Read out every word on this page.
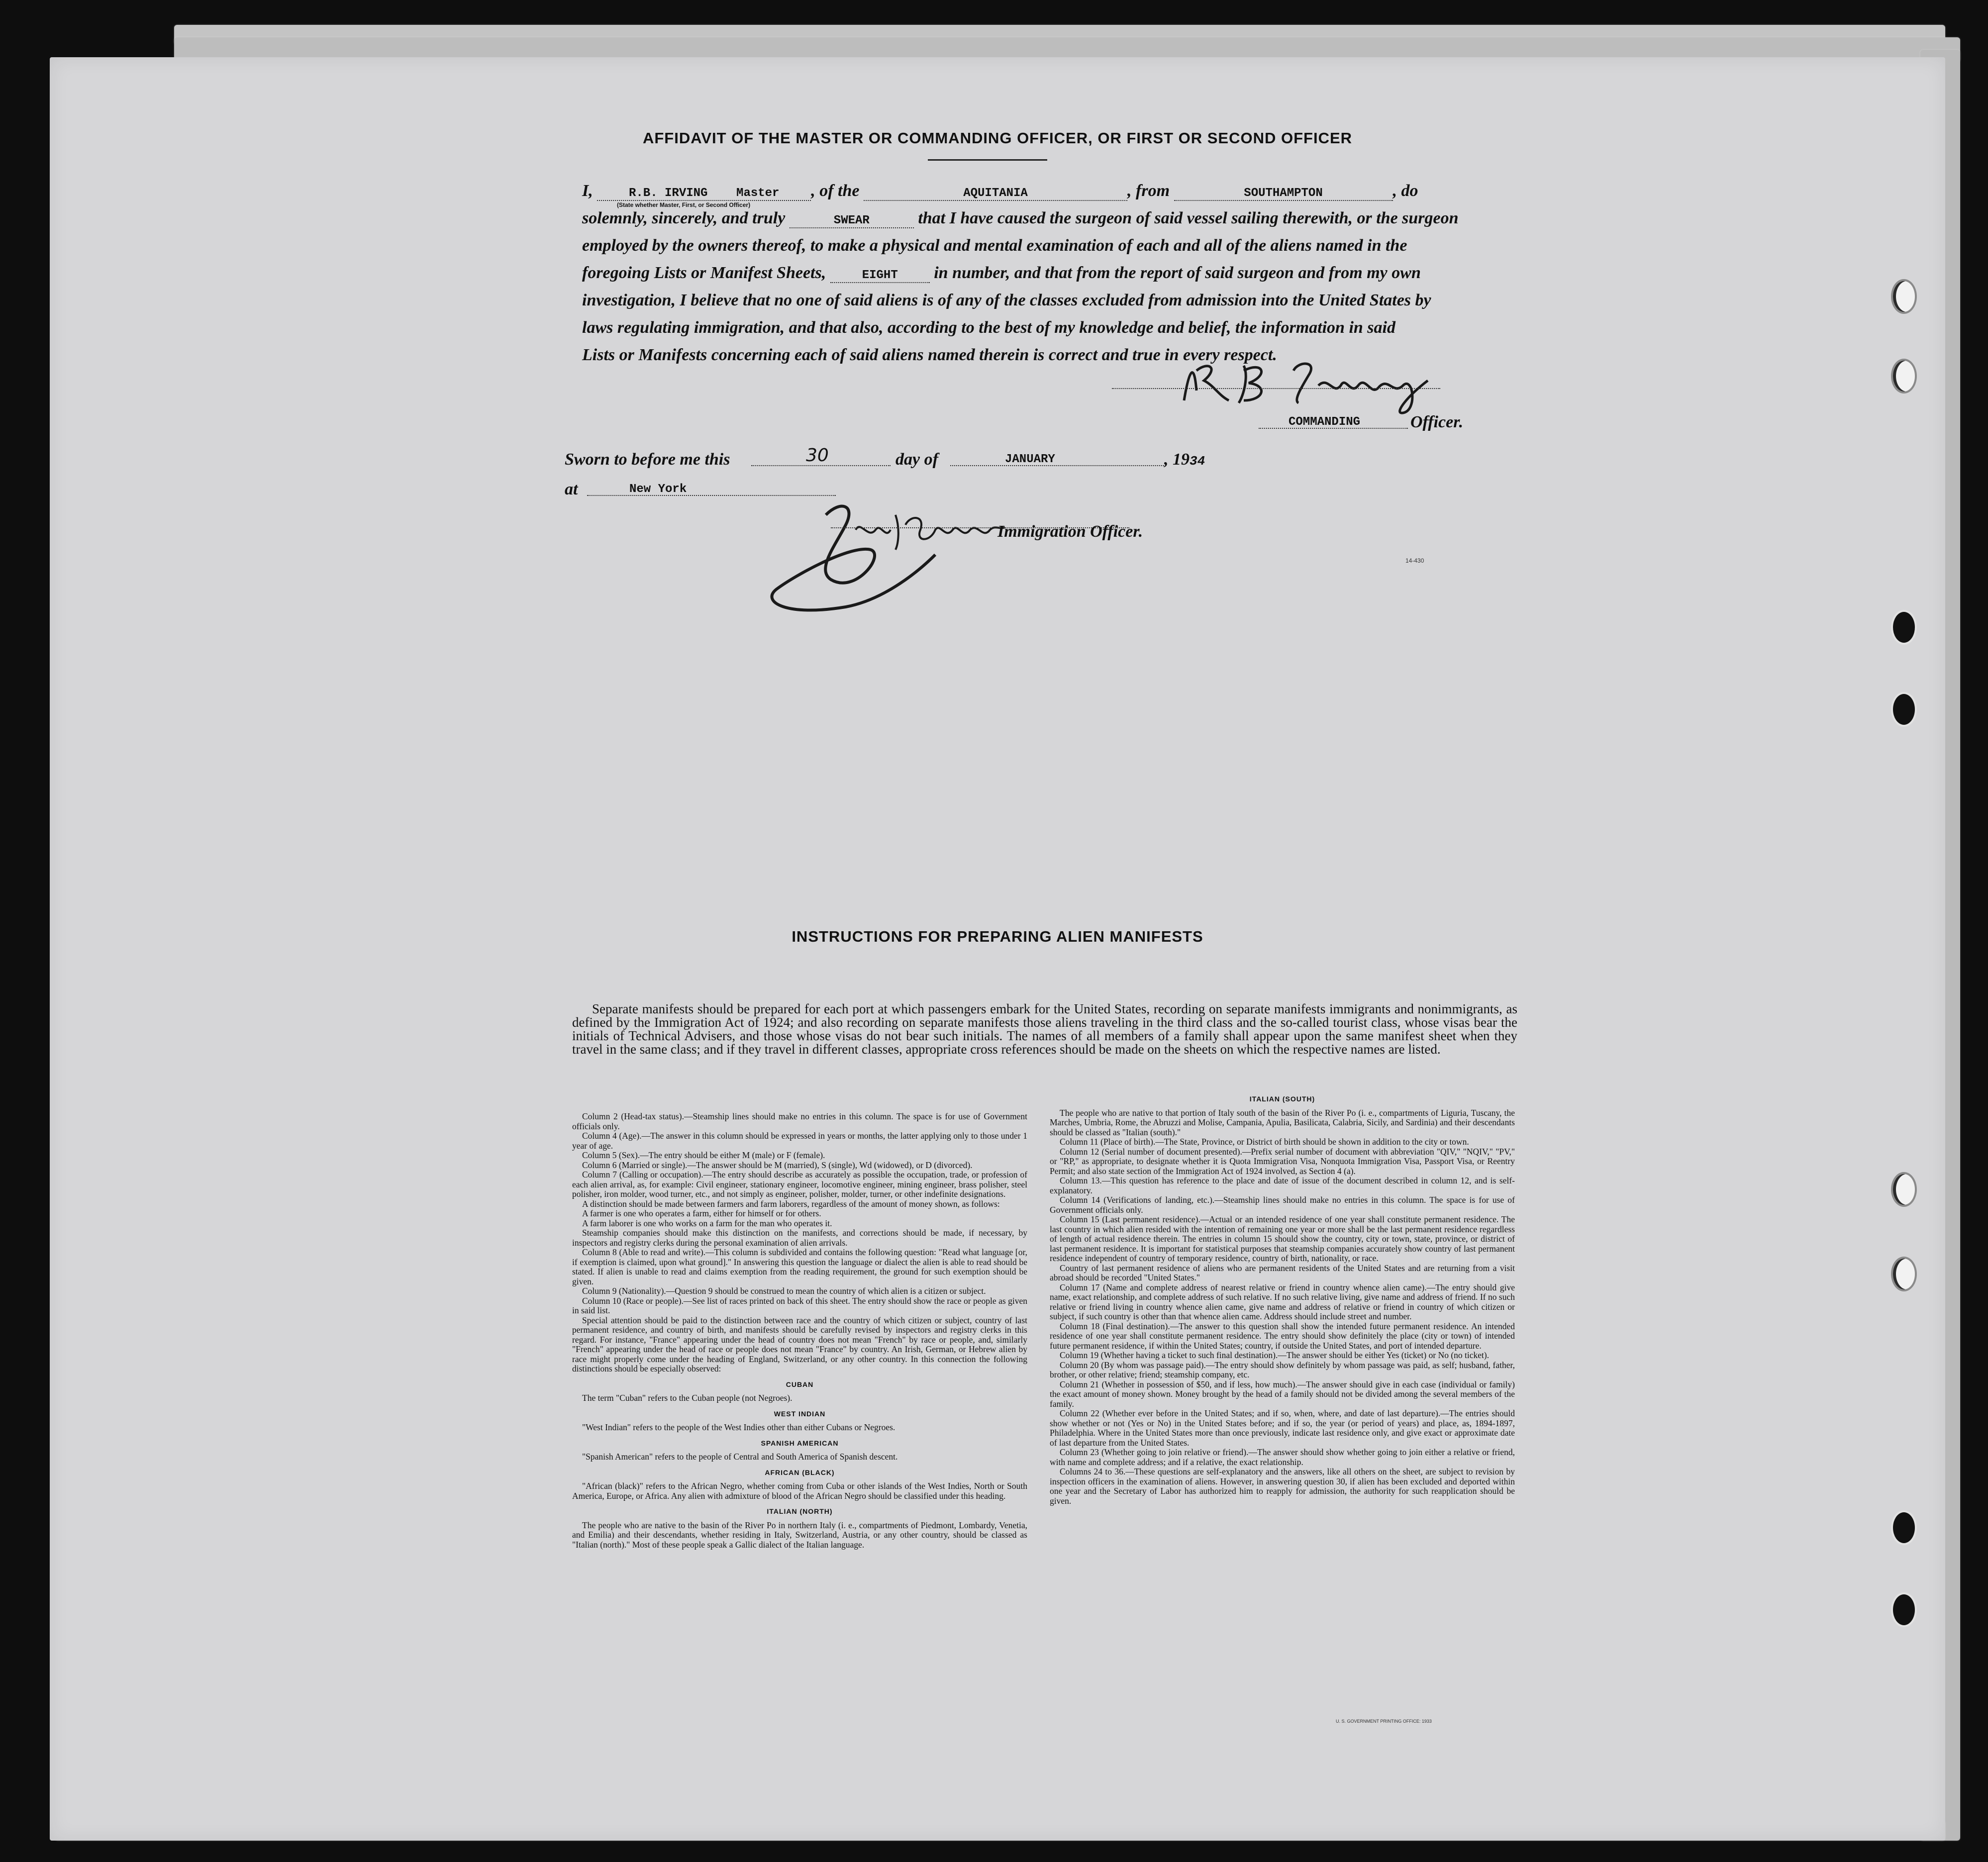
AFFIDAVIT OF THE MASTER OR COMMANDING OFFICER, OR FIRST OR SECOND OFFICER
I,	R.B. IRVING Master , of the	AQUITANIA	, from	SOUTHAMPTON	, do
(State whether Master, First, or Second Officer)
solemnly, sincerely, and truly	SWEAR	that I have caused the surgeon of said vessel sailing therewith, or the surgeon
employed by the owners thereof, to make a physical and mental examination of each and all of the aliens named in the
foregoing Lists or Manifest Sheets,	EIGHT in number, and that from the report of said surgeon and from my own
investigation, I believe that no one of said aliens is of any of the classes excluded from admission into the United States by
laws regulating immigration, and that also, according to the best of my knowledge and belief, the information in said
Lists or Manifests concerning each of said aliens named therein is correct and true in every respect.
COMMANDING	Officer.
Sworn to before me this	30	day of	JANUARY	, 1934
at	New York
Immigration Officer.
14-430
INSTRUCTIONS FOR PREPARING ALIEN MANIFESTS

Separate manifests should be prepared for each port at which passengers embark for the United States, recording on separate manifests immigrants and nonimmigrants, as defined by the Immigration Act of 1924; and also recording on separate manifests those aliens traveling in the third class and the so-called tourist class, whose visas bear the initials of Technical Advisers, and those whose visas do not bear such initials. The names of all members of a family shall appear upon the same manifest sheet when they travel in the same class; and if they travel in different classes, appropriate cross references should be made on the sheets on which the respective names are listed.

Column 2 (Head-tax status).—Steamship lines should make no entries in this column. The space is for use of Government officials only.

Column 4 (Age).—The answer in this column should be expressed in years or months, the latter applying only to those under 1 year of age.

Column 5 (Sex).—The entry should be either M (male) or F (female).

Column 6 (Married or single).—The answer should be M (married), S (single), Wd (widowed), or D (divorced).

Column 7 (Calling or occupation).—The entry should describe as accurately as possible the occupation, trade, or profession of each alien arrival, as, for example: Civil engineer, stationary engineer, locomotive engineer, mining engineer, brass polisher, steel polisher, iron molder, wood turner, etc., and not simply as engineer, polisher, molder, turner, or other indefinite designations.

A distinction should be made between farmers and farm laborers, regardless of the amount of money shown, as follows:

A farmer is one who operates a farm, either for himself or for others.

A farm laborer is one who works on a farm for the man who operates it.

Steamship companies should make this distinction on the manifests, and corrections should be made, if necessary, by inspectors and registry clerks during the personal examination of alien arrivals.

Column 8 (Able to read and write).—This column is subdivided and contains the following question: "Read what language [or, if exemption is claimed, upon what ground]." In answering this question the language or dialect the alien is able to read should be stated. If alien is unable to read and claims exemption from the reading requirement, the ground for such exemption should be given.

Column 9 (Nationality).—Question 9 should be construed to mean the country of which alien is a citizen or subject.

Column 10 (Race or people).—See list of races printed on back of this sheet. The entry should show the race or people as given in said list.

Special attention should be paid to the distinction between race and the country of which citizen or subject, country of last permanent residence, and country of birth, and manifests should be carefully revised by inspectors and registry clerks in this regard. For instance, "France" appearing under the head of country does not mean "French" by race or people, and, similarly "French" appearing under the head of race or people does not mean "France" by country. An Irish, German, or Hebrew alien by race might properly come under the heading of England, Switzerland, or any other country. In this connection the following distinctions should be especially observed:

CUBAN

The term "Cuban" refers to the Cuban people (not Negroes).

WEST INDIAN

"West Indian" refers to the people of the West Indies other than either Cubans or Negroes.

SPANISH AMERICAN

"Spanish American" refers to the people of Central and South America of Spanish descent.

AFRICAN (BLACK)

"African (black)" refers to the African Negro, whether coming from Cuba or other islands of the West Indies, North or South America, Europe, or Africa. Any alien with admixture of blood of the African Negro should be classified under this heading.

ITALIAN (NORTH)

The people who are native to the basin of the River Po in northern Italy (i. e., compartments of Piedmont, Lombardy, Venetia, and Emilia) and their descendants, whether residing in Italy, Switzerland, Austria, or any other country, should be classed as "Italian (north)." Most of these people speak a Gallic dialect of the Italian language.

ITALIAN (SOUTH)

The people who are native to that portion of Italy south of the basin of the River Po (i. e., compartments of Liguria, Tuscany, the Marches, Umbria, Rome, the Abruzzi and Molise, Campania, Apulia, Basilicata, Calabria, Sicily, and Sardinia) and their descendants should be classed as "Italian (south)."

Column 11 (Place of birth).—The State, Province, or District of birth should be shown in addition to the city or town.

Column 12 (Serial number of document presented).—Prefix serial number of document with abbreviation "QIV," "NQIV," "PV," or "RP," as appropriate, to designate whether it is Quota Immigration Visa, Nonquota Immigration Visa, Passport Visa, or Reentry Permit; and also state section of the Immigration Act of 1924 involved, as Section 4 (a).

Column 13.—This question has reference to the place and date of issue of the document described in column 12, and is self-explanatory.

Column 14 (Verifications of landing, etc.).—Steamship lines should make no entries in this column. The space is for use of Government officials only.

Column 15 (Last permanent residence).—Actual or an intended residence of one year shall constitute permanent residence. The last country in which alien resided with the intention of remaining one year or more shall be the last permanent residence regardless of length of actual residence therein. The entries in column 15 should show the country, city or town, state, province, or district of last permanent residence. It is important for statistical purposes that steamship companies accurately show country of last permanent residence independent of country of temporary residence, country of birth, nationality, or race.

Country of last permanent residence of aliens who are permanent residents of the United States and are returning from a visit abroad should be recorded "United States."

Column 17 (Name and complete address of nearest relative or friend in country whence alien came).—The entry should give name, exact relationship, and complete address of such relative. If no such relative living, give name and address of friend. If no such relative or friend living in country whence alien came, give name and address of relative or friend in country of which citizen or subject, if such country is other than that whence alien came. Address should include street and number.

Column 18 (Final destination).—The answer to this question shall show the intended future permanent residence. An intended residence of one year shall constitute permanent residence. The entry should show definitely the place (city or town) of intended future permanent residence, if within the United States; country, if outside the United States, and port of intended departure.

Column 19 (Whether having a ticket to such final destination).—The answer should be either Yes (ticket) or No (no ticket).

Column 20 (By whom was passage paid).—The entry should show definitely by whom passage was paid, as self; husband, father, brother, or other relative; friend; steamship company, etc.

Column 21 (Whether in possession of $50, and if less, how much).—The answer should give in each case (individual or family) the exact amount of money shown. Money brought by the head of a family should not be divided among the several members of the family.

Column 22 (Whether ever before in the United States; and if so, when, where, and date of last departure).—The entries should show whether or not (Yes or No) in the United States before; and if so, the year (or period of years) and place, as, 1894-1897, Philadelphia. Where in the United States more than once previously, indicate last residence only, and give exact or approximate date of last departure from the United States.

Column 23 (Whether going to join relative or friend).—The answer should show whether going to join either a relative or friend, with name and complete address; and if a relative, the exact relationship.

Columns 24 to 36.—These questions are self-explanatory and the answers, like all others on the sheet, are subject to revision by inspection officers in the examination of aliens. However, in answering question 30, if alien has been excluded and deported within one year and the Secretary of Labor has authorized him to reapply for admission, the authority for such reapplication should be given.

U. S. GOVERNMENT PRINTING OFFICE: 1933
